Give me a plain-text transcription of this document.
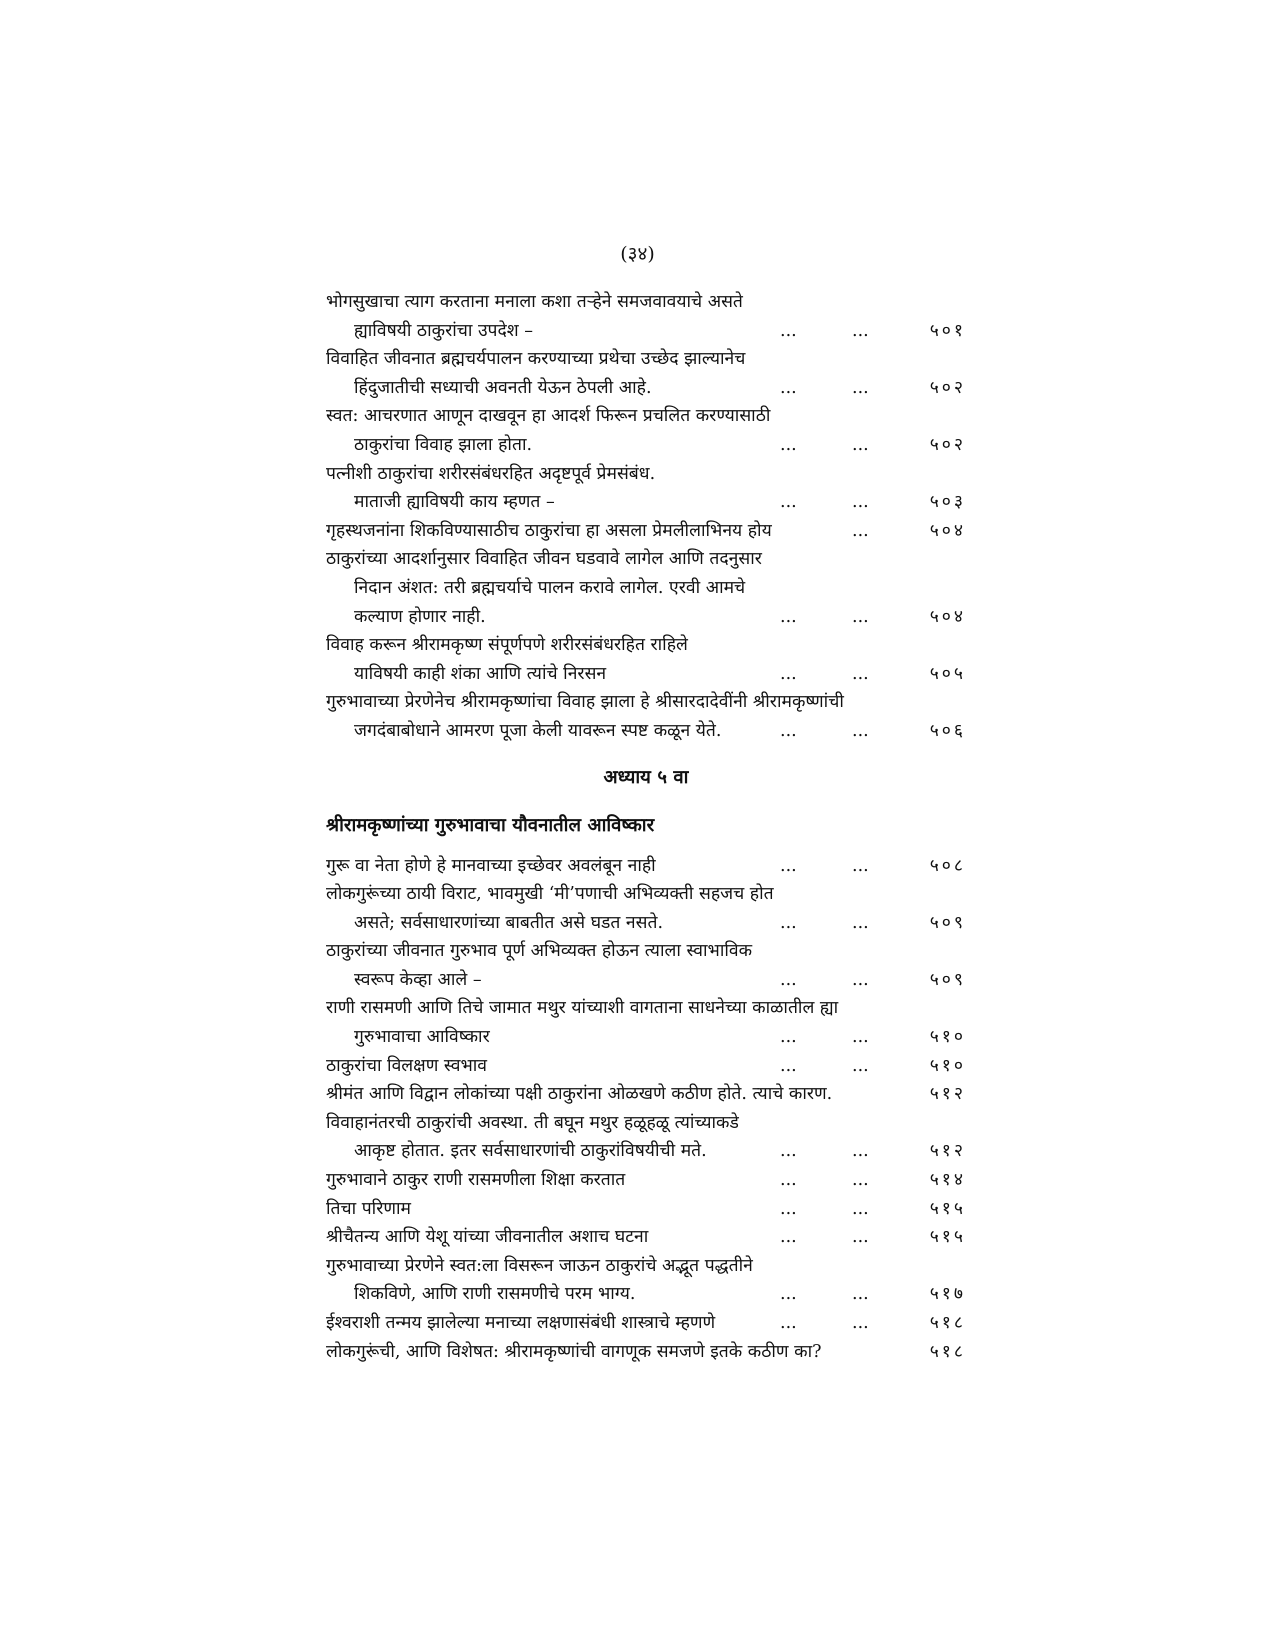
(३४)
भोगसुखाचा त्याग करताना मनाला कशा तऱ्हेने समजवावयाचे असते
ह्याविषयी ठाकुरांचा उपदेश –	...	...	५०१
विवाहित जीवनात ब्रह्मचर्यपालन करण्याच्या प्रथेचा उच्छेद झाल्यानेच
हिंदुजातीची सध्याची अवनती येऊन ठेपली आहे.	...	...	५०२
स्वत: आचरणात आणून दाखवून हा आदर्श फिरून प्रचलित करण्यासाठी
ठाकुरांचा विवाह झाला होता.	...	...	५०२
पत्नीशी ठाकुरांचा शरीरसंबंधरहित अदृष्टपूर्व प्रेमसंबंध.
माताजी ह्याविषयी काय म्हणत –	...	...	५०३
गृहस्थजनांना शिकविण्यासाठीच ठाकुरांचा हा असला प्रेमलीलाभिनय होय	...	५०४
ठाकुरांच्या आदर्शानुसार विवाहित जीवन घडवावे लागेल आणि तदनुसार
निदान अंशत: तरी ब्रह्मचर्याचे पालन करावे लागेल. एरवी आमचे
कल्याण होणार नाही.	...	...	५०४
विवाह करून श्रीरामकृष्ण संपूर्णपणे शरीरसंबंधरहित राहिले
याविषयी काही शंका आणि त्यांचे निरसन	...	...	५०५
गुरुभावाच्या प्रेरणेनेच श्रीरामकृष्णांचा विवाह झाला हे श्रीसारदादेवींनी श्रीरामकृष्णांची
जगदंबाबोधाने आमरण पूजा केली यावरून स्पष्ट कळून येते.	...	...	५०६
अध्याय ५ वा
श्रीरामकृष्णांच्या गुरुभावाचा यौवनातील आविष्कार
गुरू वा नेता होणे हे मानवाच्या इच्छेवर अवलंबून नाही	...	...	५०८
लोकगुरूंच्या ठायी विराट, भावमुखी ‘मी’पणाची अभिव्यक्ती सहजच होत
असते; सर्वसाधारणांच्या बाबतीत असे घडत नसते.	...	...	५०९
ठाकुरांच्या जीवनात गुरुभाव पूर्ण अभिव्यक्त होऊन त्याला स्वाभाविक
स्वरूप केव्हा आले –	...	...	५०९
राणी रासमणी आणि तिचे जामात मथुर यांच्याशी वागताना साधनेच्या काळातील ह्या
गुरुभावाचा आविष्कार	...	...	५१०
ठाकुरांचा विलक्षण स्वभाव	...	...	५१०
श्रीमंत आणि विद्वान लोकांच्या पक्षी ठाकुरांना ओळखणे कठीण होते. त्याचे कारण.	५१२
विवाहानंतरची ठाकुरांची अवस्था. ती बघून मथुर हळूहळू त्यांच्याकडे
आकृष्ट होतात. इतर सर्वसाधारणांची ठाकुरांविषयीची मते.	...	...	५१२
गुरुभावाने ठाकुर राणी रासमणीला शिक्षा करतात	...	...	५१४
तिचा परिणाम	...	...	५१५
श्रीचैतन्य आणि येशू यांच्या जीवनातील अशाच घटना	...	...	५१५
गुरुभावाच्या प्रेरणेने स्वत:ला विसरून जाऊन ठाकुरांचे अद्भूत पद्धतीने
शिकविणे, आणि राणी रासमणीचे परम भाग्य.	...	...	५१७
ईश्वराशी तन्मय झालेल्या मनाच्या लक्षणासंबंधी शास्त्राचे म्हणणे	...	...	५१८
लोकगुरूंची, आणि विशेषत: श्रीरामकृष्णांची वागणूक समजणे इतके कठीण का?	५१८
